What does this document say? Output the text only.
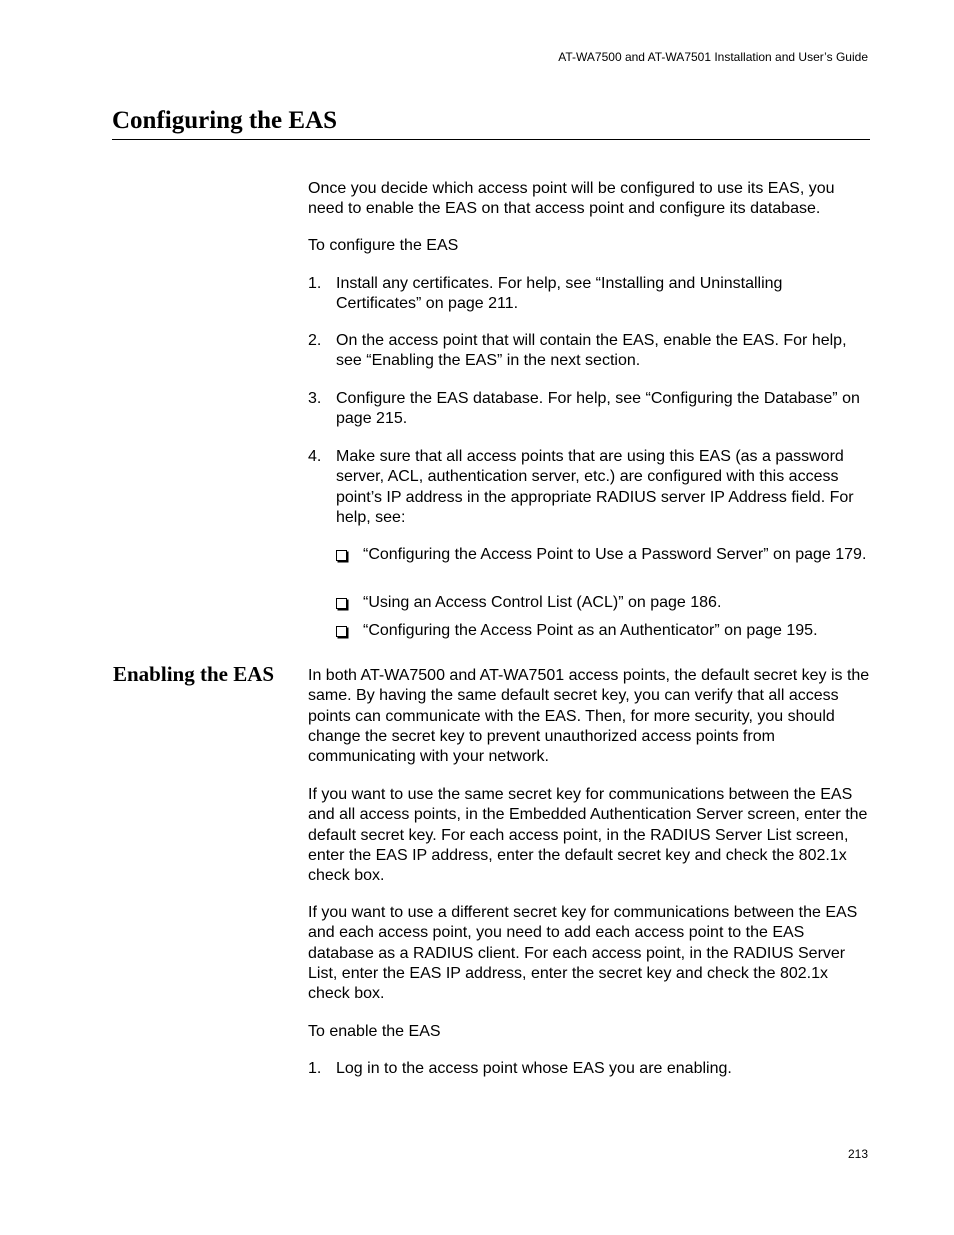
AT-WA7500 and AT-WA7501 Installation and User’s Guide
Configuring the EAS

Once you decide which access point will be configured to use its EAS, you need to enable the EAS on that access point and configure its database.

To configure the EAS

1. Install any certificates. For help, see “Installing and Uninstalling Certificates” on page 211.
2. On the access point that will contain the EAS, enable the EAS. For help, see “Enabling the EAS” in the next section.
3. Configure the EAS database. For help, see “Configuring the Database” on page 215.
4. Make sure that all access points that are using this EAS (as a password server, ACL, authentication server, etc.) are configured with this access point’s IP address in the appropriate RADIUS server IP Address field. For help, see:
“Configuring the Access Point to Use a Password Server” on page 179.
“Using an Access Control List (ACL)” on page 186.
“Configuring the Access Point as an Authenticator” on page 195.
Enabling the EAS In both AT-WA7500 and AT-WA7501 access points, the default secret key is the same. By having the same default secret key, you can verify that all access points can communicate with the EAS. Then, for more security, you should change the secret key to prevent unauthorized access points from communicating with your network.

If you want to use the same secret key for communications between the EAS and all access points, in the Embedded Authentication Server screen, enter the default secret key. For each access point, in the RADIUS Server List screen, enter the EAS IP address, enter the default secret key and check the 802.1x check box.

If you want to use a different secret key for communications between the EAS and each access point, you need to add each access point to the EAS database as a RADIUS client. For each access point, in the RADIUS Server List, enter the EAS IP address, enter the secret key and check the 802.1x check box.

To enable the EAS

1. Log in to the access point whose EAS you are enabling.
213
